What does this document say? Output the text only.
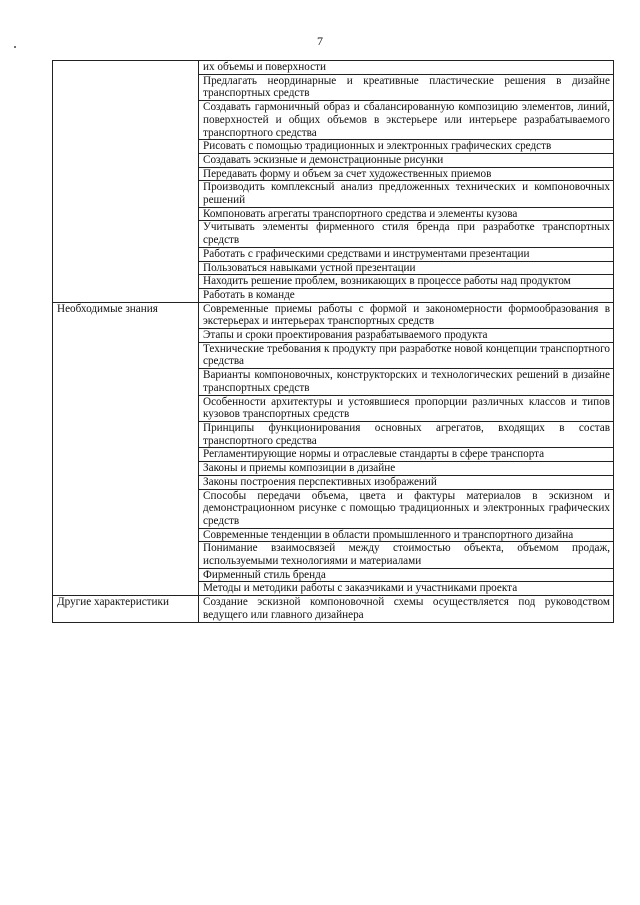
7
	их объемы и поверхности
	Предлагать неординарные и креативные пластические решения в дизайне транспортных средств
	Создавать гармоничный образ и сбалансированную композицию элементов, линий, поверхностей и общих объемов в экстерьере или интерьере разрабатываемого транспортного средства
	Рисовать с помощью традиционных и электронных графических средств
	Создавать эскизные и демонстрационные рисунки
	Передавать форму и объем за счет художественных приемов
	Производить комплексный анализ предложенных технических и компоновочных решений
	Компоновать агрегаты транспортного средства и элементы кузова
	Учитывать элементы фирменного стиля бренда при разработке транспортных средств
	Работать с графическими средствами и инструментами презентации
	Пользоваться навыками устной презентации
	Находить решение проблем, возникающих в процессе работы над продуктом
	Работать в команде
Необходимые знания	Современные приемы работы с формой и закономерности формообразования в экстерьерах и интерьерах транспортных средств
	Этапы и сроки проектирования разрабатываемого продукта
	Технические требования к продукту при разработке новой концепции транспортного средства
	Варианты компоновочных, конструкторских и технологических решений в дизайне транспортных средств
	Особенности архитектуры и устоявшиеся пропорции различных классов и типов кузовов транспортных средств
	Принципы функционирования основных агрегатов, входящих в состав транспортного средства
	Регламентирующие нормы и отраслевые стандарты в сфере транспорта
	Законы и приемы композиции в дизайне
	Законы построения перспективных изображений
	Способы передачи объема, цвета и фактуры материалов в эскизном и демонстрационном рисунке с помощью традиционных и электронных графических средств
	Современные тенденции в области промышленного и транспортного дизайна
	Понимание взаимосвязей между стоимостью объекта, объемом продаж, используемыми технологиями и материалами
	Фирменный стиль бренда
	Методы и методики работы с заказчиками и участниками проекта
Другие характеристики	Создание эскизной компоновочной схемы осуществляется под руководством ведущего или главного дизайнера
